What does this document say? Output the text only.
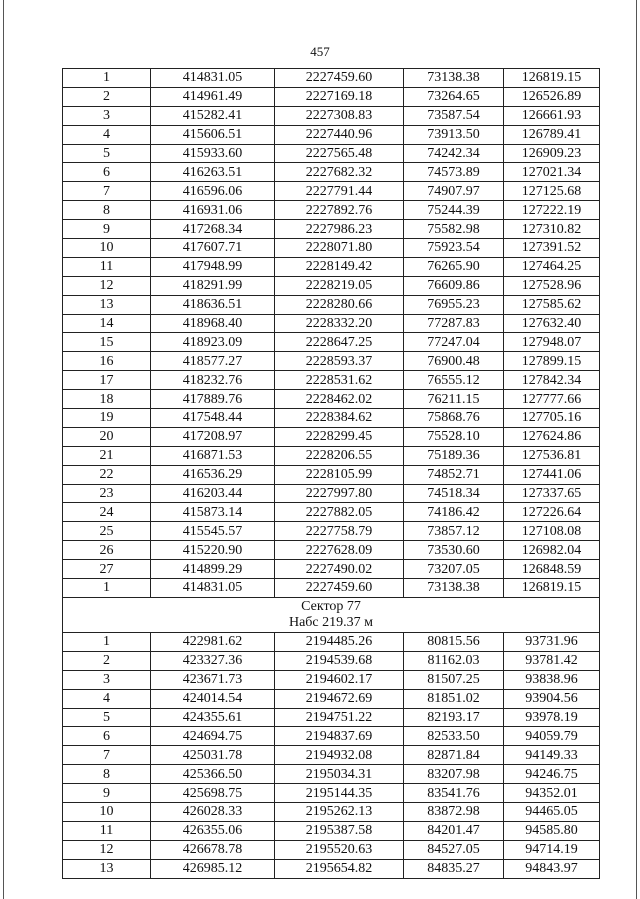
457
1	414831.05	2227459.60	73138.38	126819.15
2	414961.49	2227169.18	73264.65	126526.89
3	415282.41	2227308.83	73587.54	126661.93
4	415606.51	2227440.96	73913.50	126789.41
5	415933.60	2227565.48	74242.34	126909.23
6	416263.51	2227682.32	74573.89	127021.34
7	416596.06	2227791.44	74907.97	127125.68
8	416931.06	2227892.76	75244.39	127222.19
9	417268.34	2227986.23	75582.98	127310.82
10	417607.71	2228071.80	75923.54	127391.52
11	417948.99	2228149.42	76265.90	127464.25
12	418291.99	2228219.05	76609.86	127528.96
13	418636.51	2228280.66	76955.23	127585.62
14	418968.40	2228332.20	77287.83	127632.40
15	418923.09	2228647.25	77247.04	127948.07
16	418577.27	2228593.37	76900.48	127899.15
17	418232.76	2228531.62	76555.12	127842.34
18	417889.76	2228462.02	76211.15	127777.66
19	417548.44	2228384.62	75868.76	127705.16
20	417208.97	2228299.45	75528.10	127624.86
21	416871.53	2228206.55	75189.36	127536.81
22	416536.29	2228105.99	74852.71	127441.06
23	416203.44	2227997.80	74518.34	127337.65
24	415873.14	2227882.05	74186.42	127226.64
25	415545.57	2227758.79	73857.12	127108.08
26	415220.90	2227628.09	73530.60	126982.04
27	414899.29	2227490.02	73207.05	126848.59
1	414831.05	2227459.60	73138.38	126819.15

Сектор 77
Набс 219.37 м				

1	422981.62	2194485.26	80815.56	93731.96
2	423327.36	2194539.68	81162.03	93781.42
3	423671.73	2194602.17	81507.25	93838.96
4	424014.54	2194672.69	81851.02	93904.56
5	424355.61	2194751.22	82193.17	93978.19
6	424694.75	2194837.69	82533.50	94059.79
7	425031.78	2194932.08	82871.84	94149.33
8	425366.50	2195034.31	83207.98	94246.75
9	425698.75	2195144.35	83541.76	94352.01
10	426028.33	2195262.13	83872.98	94465.05
11	426355.06	2195387.58	84201.47	94585.80
12	426678.78	2195520.63	84527.05	94714.19
13	426985.12	2195654.82	84835.27	94843.97
